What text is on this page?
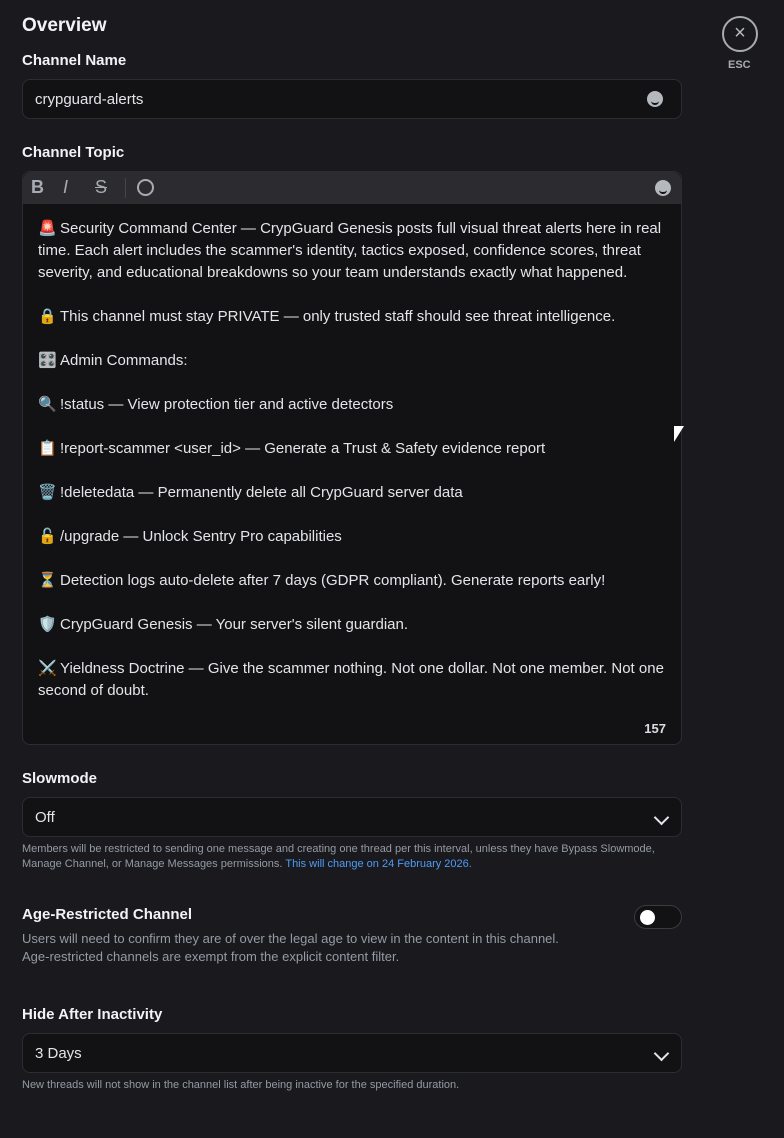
Overview	×
ESC
Channel Name
crypguard-alerts
Channel Topic
B I S

🚨 Security Command Center — CrypGuard Genesis posts full visual threat alerts here in real time. Each alert includes the scammer's identity, tactics exposed, confidence scores, threat severity, and educational breakdowns so your team understands exactly what happened.

🔒 This channel must stay PRIVATE — only trusted staff should see threat intelligence.

🎛️ Admin Commands:

🔍 !status — View protection tier and active detectors

📋 !report-scammer <user_id> — Generate a Trust & Safety evidence report

🗑️ !deletedata — Permanently delete all CrypGuard server data

🔓 /upgrade — Unlock Sentry Pro capabilities

⏳ Detection logs auto-delete after 7 days (GDPR compliant). Generate reports early!

🛡️ CrypGuard Genesis — Your server's silent guardian.

⚔️ Yieldness Doctrine — Give the scammer nothing. Not one dollar. Not one member. Not one second of doubt.

157
Slowmode
Off
Members will be restricted to sending one message and creating one thread per this interval, unless they have Bypass Slowmode, Manage Channel, or Manage Messages permissions. This will change on 24 February 2026.
Age-Restricted Channel
Users will need to confirm they are of over the legal age to view in the content in this channel.
Age-restricted channels are exempt from the explicit content filter.
Hide After Inactivity
3 Days
New threads will not show in the channel list after being inactive for the specified duration.
